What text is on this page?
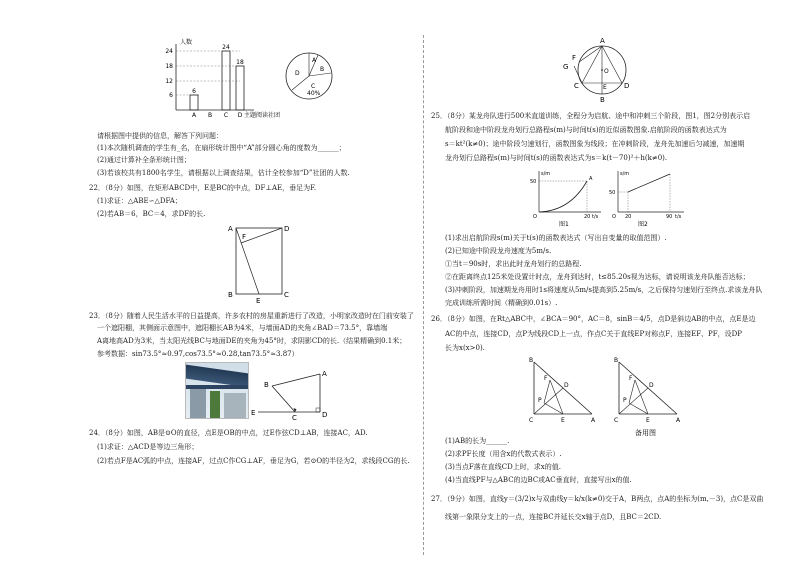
人数
24
18
12
6
6
24
18
A B C D 主题阅读社团
A
B
C
40%
D
请根据图中提供的信息，解答下列问题：
(1)本次随机调查的学生有_名，在扇形统计图中“A”部分圆心角的度数为______；
(2)通过计算补全条形统计图；
(3)若该校共有1800名学生，请根据以上调查结果，估计全校参加“D”社团的人数.
22．（8分）如图，在矩形ABCD中，E是BC的中点，DF⊥AE，垂足为F.
(1)求证：△ABE∽△DFA；
(2)若AB＝6，BC＝4，求DF的长.
A	D
F
B
E
C
23．（8分）随着人民生活水平的日益提高，许多农村的房屋重新进行了改造，小明家改造时在门前安装了
一个遮阳棚，其侧面示意图中，遮阳棚长AB为4米，与墙面AD的夹角∠BAD＝73.5°，靠墙端
A离地高AD为3米，当太阳光线BC与地面DE的夹角为45°时，求阴影CD的长.（结果精确到0.1米；
参考数据：sin73.5°≈0.97,cos73.5°≈0.28,tan73.5°≈3.87）
A
B
C	D
E
24．（8分）如图，AB是⊙O的直径，点E是OB的中点，过E作弦CD⊥AB，连接AC，AD.
(1)求证：△ACD是等边三角形；
(2)若点F是AC弧的中点，连接AF，过点C作CG⊥AF，垂足为G，若⊙O的半径为2，求线段CG的长.
A
G
F
C
O
E D
B
25．（8分）某龙舟队进行500米直道训练，全程分为启航、途中和冲刺三个阶段，图1，图2分别表示启
航阶段和途中阶段龙舟划行总路程s(m)与时间t(s)的近似函数图象.启航阶段的函数表达式为
s＝kt²(k≠0)；途中阶段匀速划行，函数图象为线段；在冲刺阶段，龙舟先加速后匀减速，加速期
龙舟划行总路程s(m)与时间t(s)的函数表达式为s＝k(t－70)²＋h(k≠0).
s/m
50
O
A
20 t/s
图1
s/m
50
O 20	90 t/s
图2
(1)求出启航阶段s(m)关于t(s)的函数表达式（写出自变量的取值范围）.
(2)已知途中阶段龙舟速度为5m/s.
①当t＝90s时，求出此时龙舟划行的总路程.
②在距离终点125米处设置计时点，龙舟到达时，t≤85.20s视为达标，请说明该龙舟队能否达标；
(3)冲刺阶段，加速期龙舟用时1s将速度从5m/s提高到5.25m/s，之后保持匀速划行至终点.求该龙舟队
完成训练所需时间（精确到0.01s）.
26．（8分）如图，在Rt△ABC中，∠BCA＝90°，AC＝8，sinB＝4/5，点D是斜边AB的中点，点E是边
AC的中点，连接CD，点P为线段CD上一点，作点C关于直线EP对称点F，连接EF、PF，设DP
长为x(x>0).
B
F
D
P
C	E	A
B
F
D
P
C	E	A
备用图
(1)AB的长为______.
(2)求PF长度（用含x的代数式表示）.
(3)当点F落在直线CD上时，求x的值.
(4)当直线PF与△ABC的边BC或AC垂直时，直接写出x的值.
27．（9分）如图，直线y＝(3/2)x与双曲线y＝k/x(k≠0)交于A，B两点，点A的坐标为(m,－3)，点C是双曲
线第一象限分支上的一点，连接BC并延长交x轴于点D，且BC＝2CD.
